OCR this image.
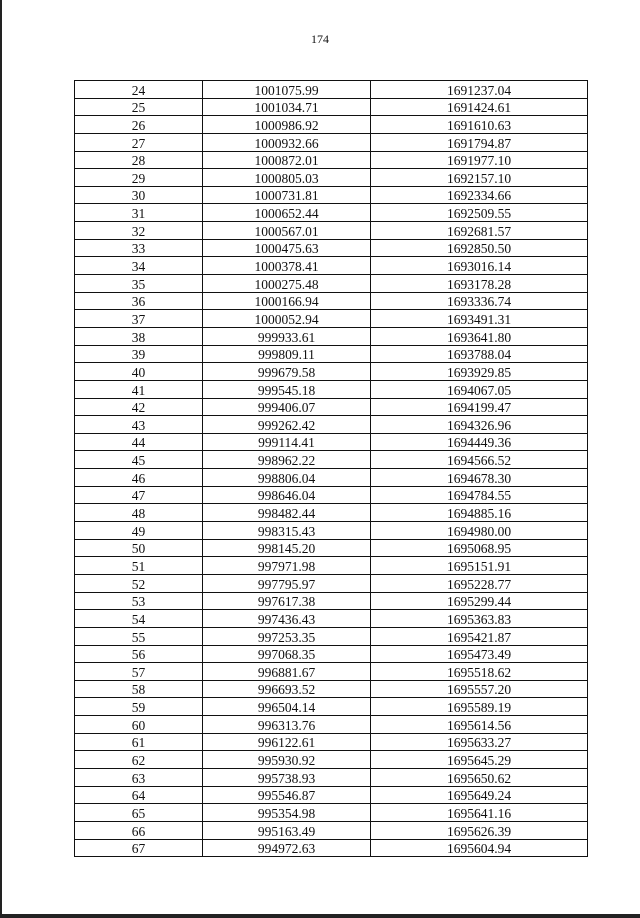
174
24	1001075.99	1691237.04
25	1001034.71	1691424.61
26	1000986.92	1691610.63
27	1000932.66	1691794.87
28	1000872.01	1691977.10
29	1000805.03	1692157.10
30	1000731.81	1692334.66
31	1000652.44	1692509.55
32	1000567.01	1692681.57
33	1000475.63	1692850.50
34	1000378.41	1693016.14
35	1000275.48	1693178.28
36	1000166.94	1693336.74
37	1000052.94	1693491.31
38	999933.61	1693641.80
39	999809.11	1693788.04
40	999679.58	1693929.85
41	999545.18	1694067.05
42	999406.07	1694199.47
43	999262.42	1694326.96
44	999114.41	1694449.36
45	998962.22	1694566.52
46	998806.04	1694678.30
47	998646.04	1694784.55
48	998482.44	1694885.16
49	998315.43	1694980.00
50	998145.20	1695068.95
51	997971.98	1695151.91
52	997795.97	1695228.77
53	997617.38	1695299.44
54	997436.43	1695363.83
55	997253.35	1695421.87
56	997068.35	1695473.49
57	996881.67	1695518.62
58	996693.52	1695557.20
59	996504.14	1695589.19
60	996313.76	1695614.56
61	996122.61	1695633.27
62	995930.92	1695645.29
63	995738.93	1695650.62
64	995546.87	1695649.24
65	995354.98	1695641.16
66	995163.49	1695626.39
67	994972.63	1695604.94
